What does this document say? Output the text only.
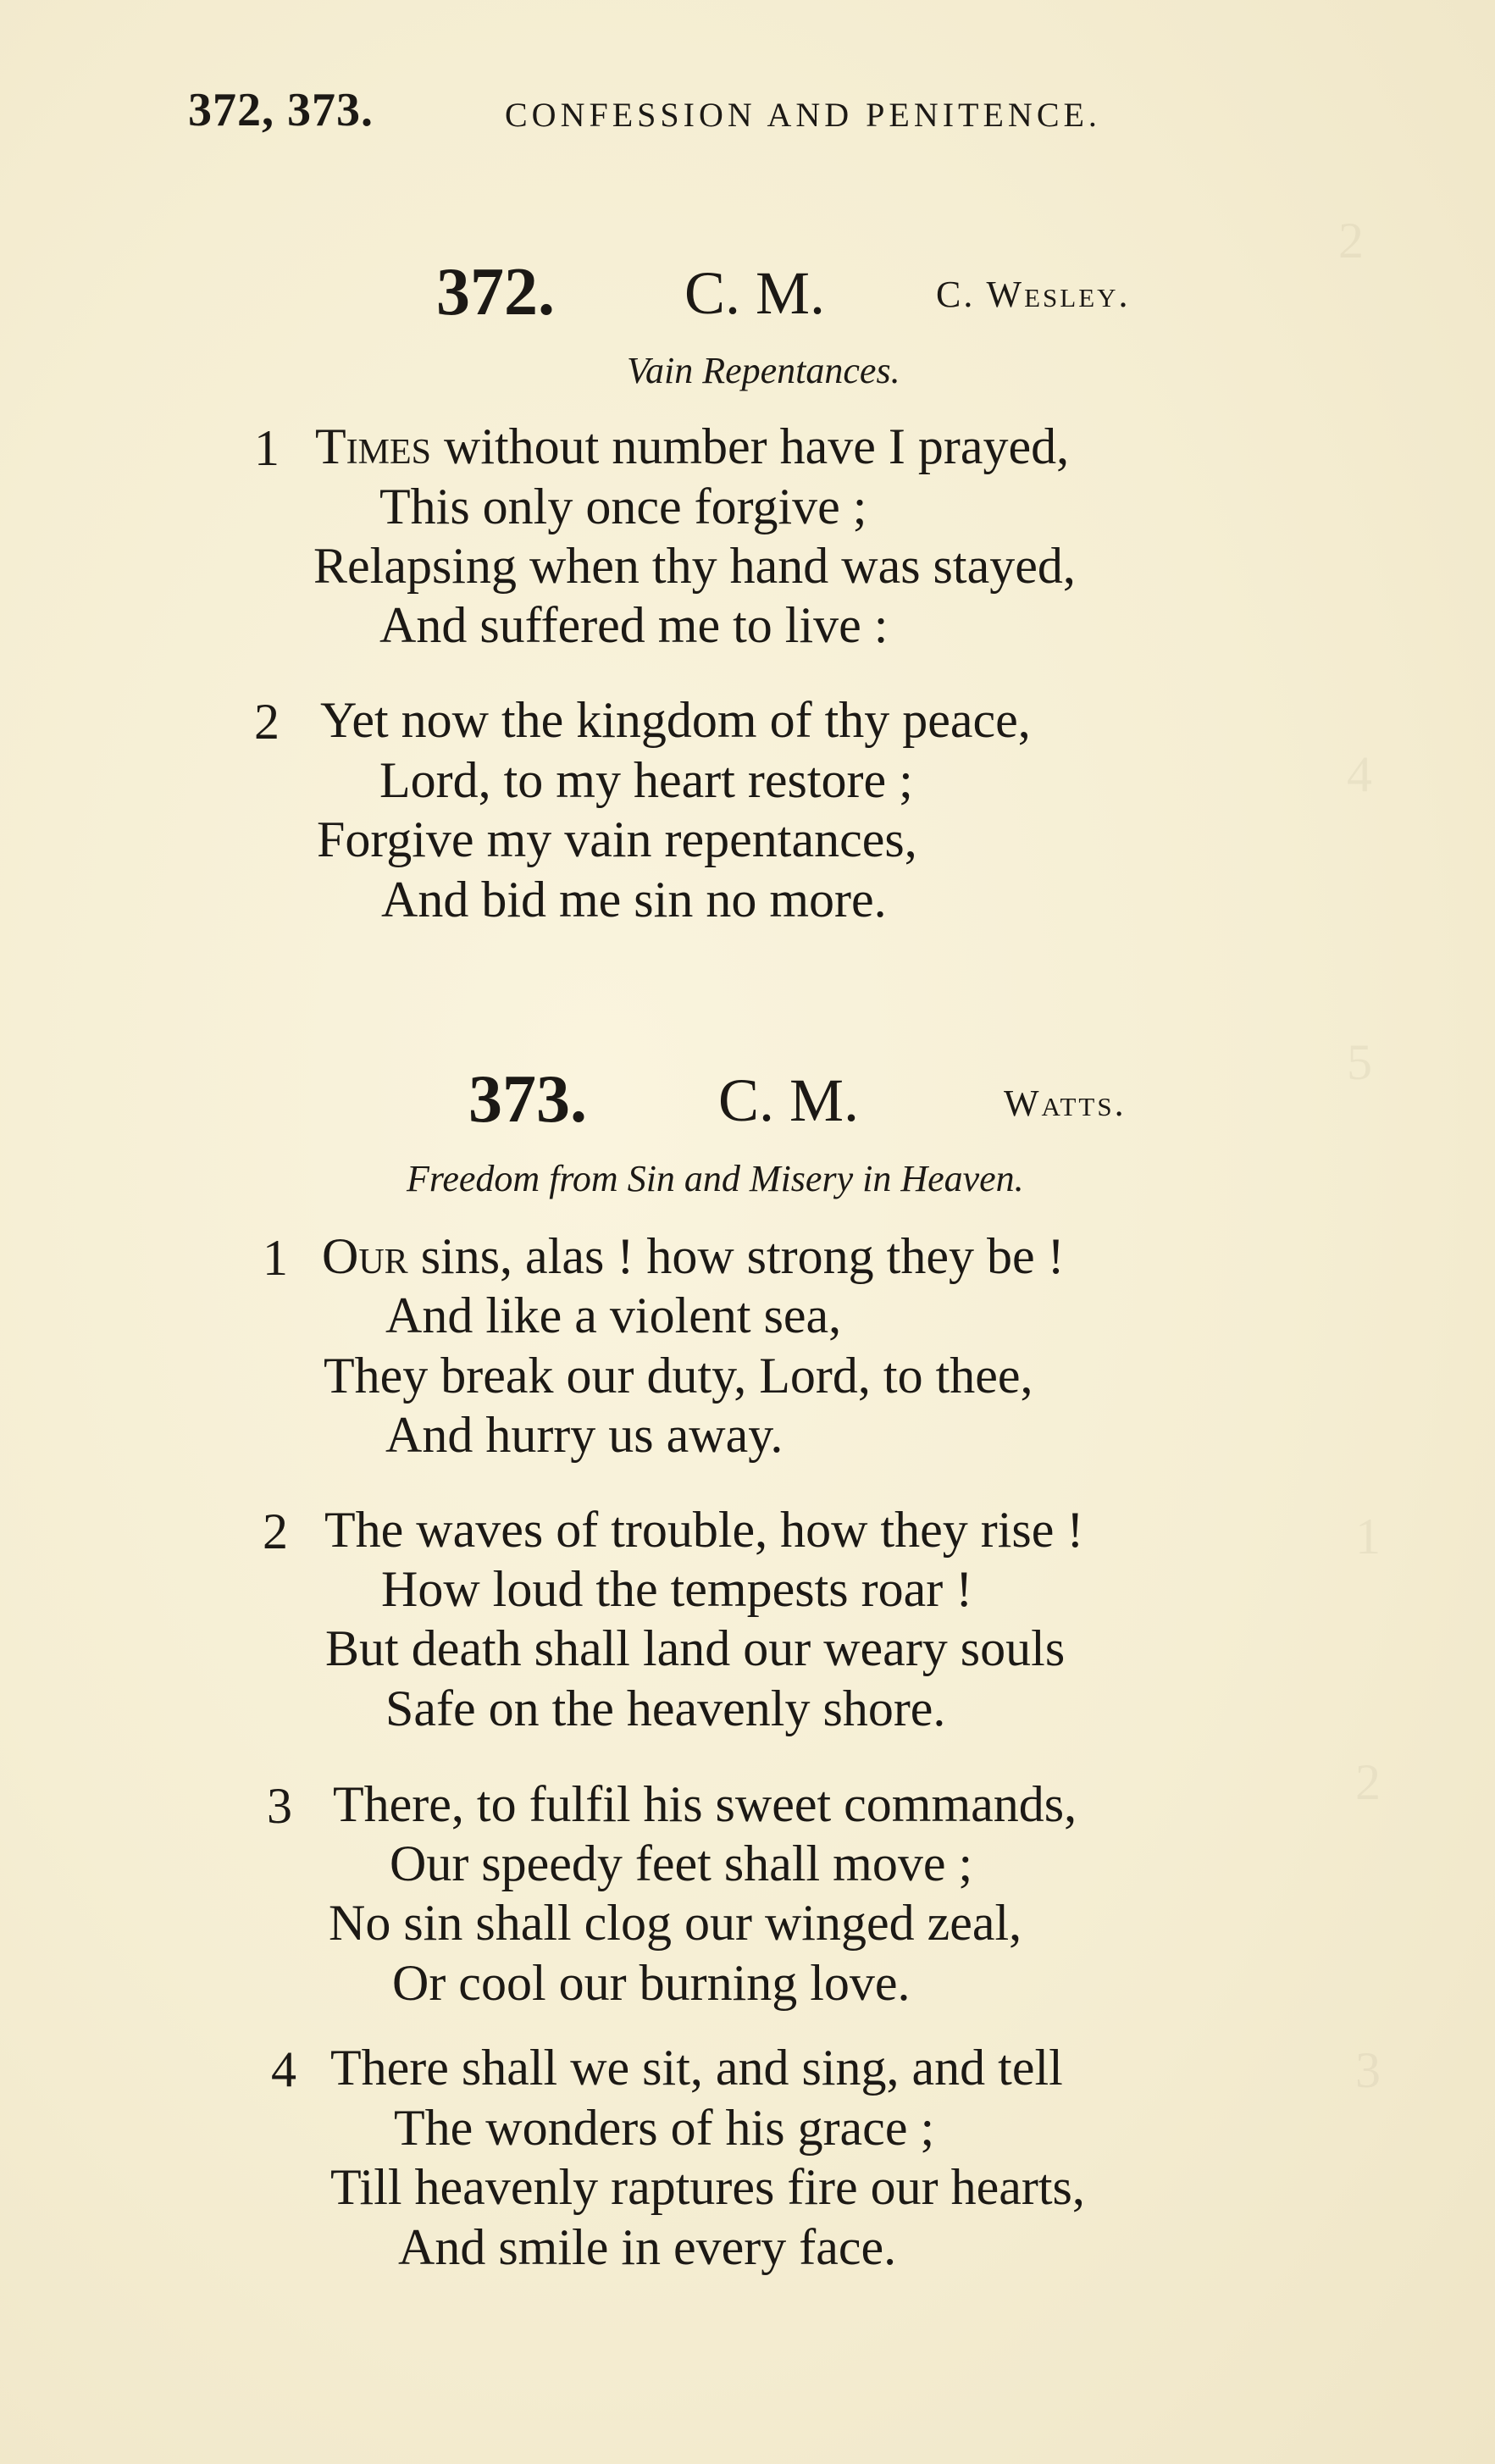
2
4
5
1
2
3
372, 373.	CONFESSION AND PENITENCE.
372. C. M.	C. Wesley.
Vain Repentances.
1 Times without number have I prayed,
This only once forgive ;
Relapsing when thy hand was stayed,
And suffered me to live :
2 Yet now the kingdom of thy peace,
Lord, to my heart restore ;
Forgive my vain repentances,
And bid me sin no more.
373. C. M.	Watts.
Freedom from Sin and Misery in Heaven.
1 Our sins, alas ! how strong they be !
And like a violent sea,
They break our duty, Lord, to thee,
And hurry us away.
2 The waves of trouble, how they rise !
How loud the tempests roar !
But death shall land our weary souls
Safe on the heavenly shore.
3 There, to fulfil his sweet commands,
Our speedy feet shall move ;
No sin shall clog our winged zeal,
Or cool our burning love.
4 There shall we sit, and sing, and tell
The wonders of his grace ;
Till heavenly raptures fire our hearts,
And smile in every face.
